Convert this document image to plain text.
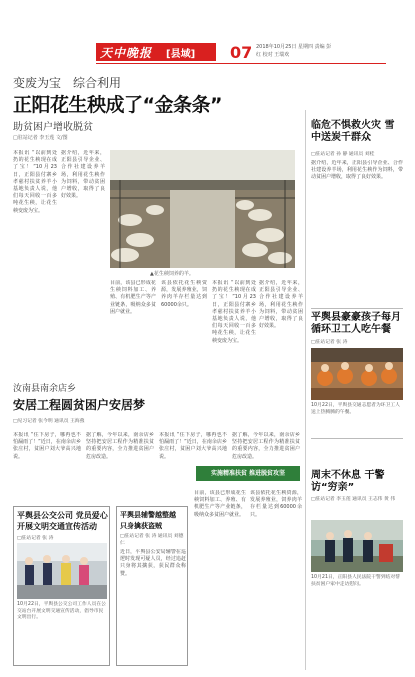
天中晚报 [县域] 07 2018年10月25日 星期四 责编 彭 红 校对 王瑞欢
变废为宝　综合利用
正阳花生秧成了“金条条”
助贫困户增收脱贫
□驻站记者 李玉莲 文/图
本报讯 “以前到处扔的花生秧现在成了宝！”10月23日，正阳县付寨乡孝慈村扶贫养羊小基地负责人说，他们每天回收一百多吨花生秧，让花生秧变废为宝。
据介绍，近年来，正阳县引导企业、合作社建设养羊场，利用花生秧作为饲料，带动贫困户增收，取得了良好效果。
▲花生秧饲养的羊。
目前，该县已形成花生秧饲料加工、养殖、有机肥生产等产业链条，吸纳众多贫困户就业。
该县依托花生秧资源，发展养殖业，饲养肉羊存栏量达到60000余只。
本报讯 “以前到处扔的花生秧现在成了宝！”10月23日，正阳县付寨乡孝慈村扶贫养羊小基地负责人说，他们每天回收一百多吨花生秧，让花生秧变废为宝。
据介绍，近年来，正阳县引导企业、合作社建设养羊场，利用花生秧作为饲料，带动贫困户增收，取得了良好效果。
临危不惧救火灾 雪中送炭千群众
□驻站记者 孙 静 通讯员 刘桂
据介绍，近年来，正阳县引导企业、合作社建设养羊场，利用花生秧作为饲料，带动贫困户增收，取得了良好效果。
平舆县豪豪孩子每月循环卫工人吃午餐
□驻站记者 张 涛
10月22日，平舆县交通志愿者为环卫工人送上热腾腾的午餐。
周末不休息 干警访“穷亲”
□驻站记者 李玉莲 通讯员 王志伟 黄 伟
10月21日，正阳县人民法院干警到结对帮扶贫困户家中走访慰问。
汝南县南余店乡
安居工程圆贫困户安居梦
□见习记者 张今明 通讯员 王海燕
本报讯 “住下房子，哪再也不怕漏雨了！”近日，在南余店乡张庄村，贫困户刘大爷高兴地说。
据了解，今年以来，南余店乡坚持把安居工程作为精准扶贫的重要内容，全力推进贫困户危房改造。
本报讯 “住下房子，哪再也不怕漏雨了！”近日，在南余店乡张庄村，贫困户刘大爷高兴地说。
据了解，今年以来，南余店乡坚持把安居工程作为精准扶贫的重要内容，全力推进贫困户危房改造。
实施精准扶贫 推进脱贫攻坚
平舆县公交公司 党员爱心
开展文明交通宣传活动
□驻站记者 张 涛
10月22日，平舆县公交公司工作人员在公交站台开展文明交通宣传活动，倡导市民文明出行。
平舆县辅警越整越
只身擒获盗贼
□驻站记者 张 涛 通讯员 刘德仁
近日，平舆县公安局辅警在巡逻时发现可疑人员，经过追赶只身将其擒获，获民群众称赞。
目前，该县已形成花生秧饲料加工、养殖、有机肥生产等产业链条，吸纳众多贫困户就业。
该县依托花生秧资源，发展养殖业，饲养肉羊存栏量达到60000余只。
